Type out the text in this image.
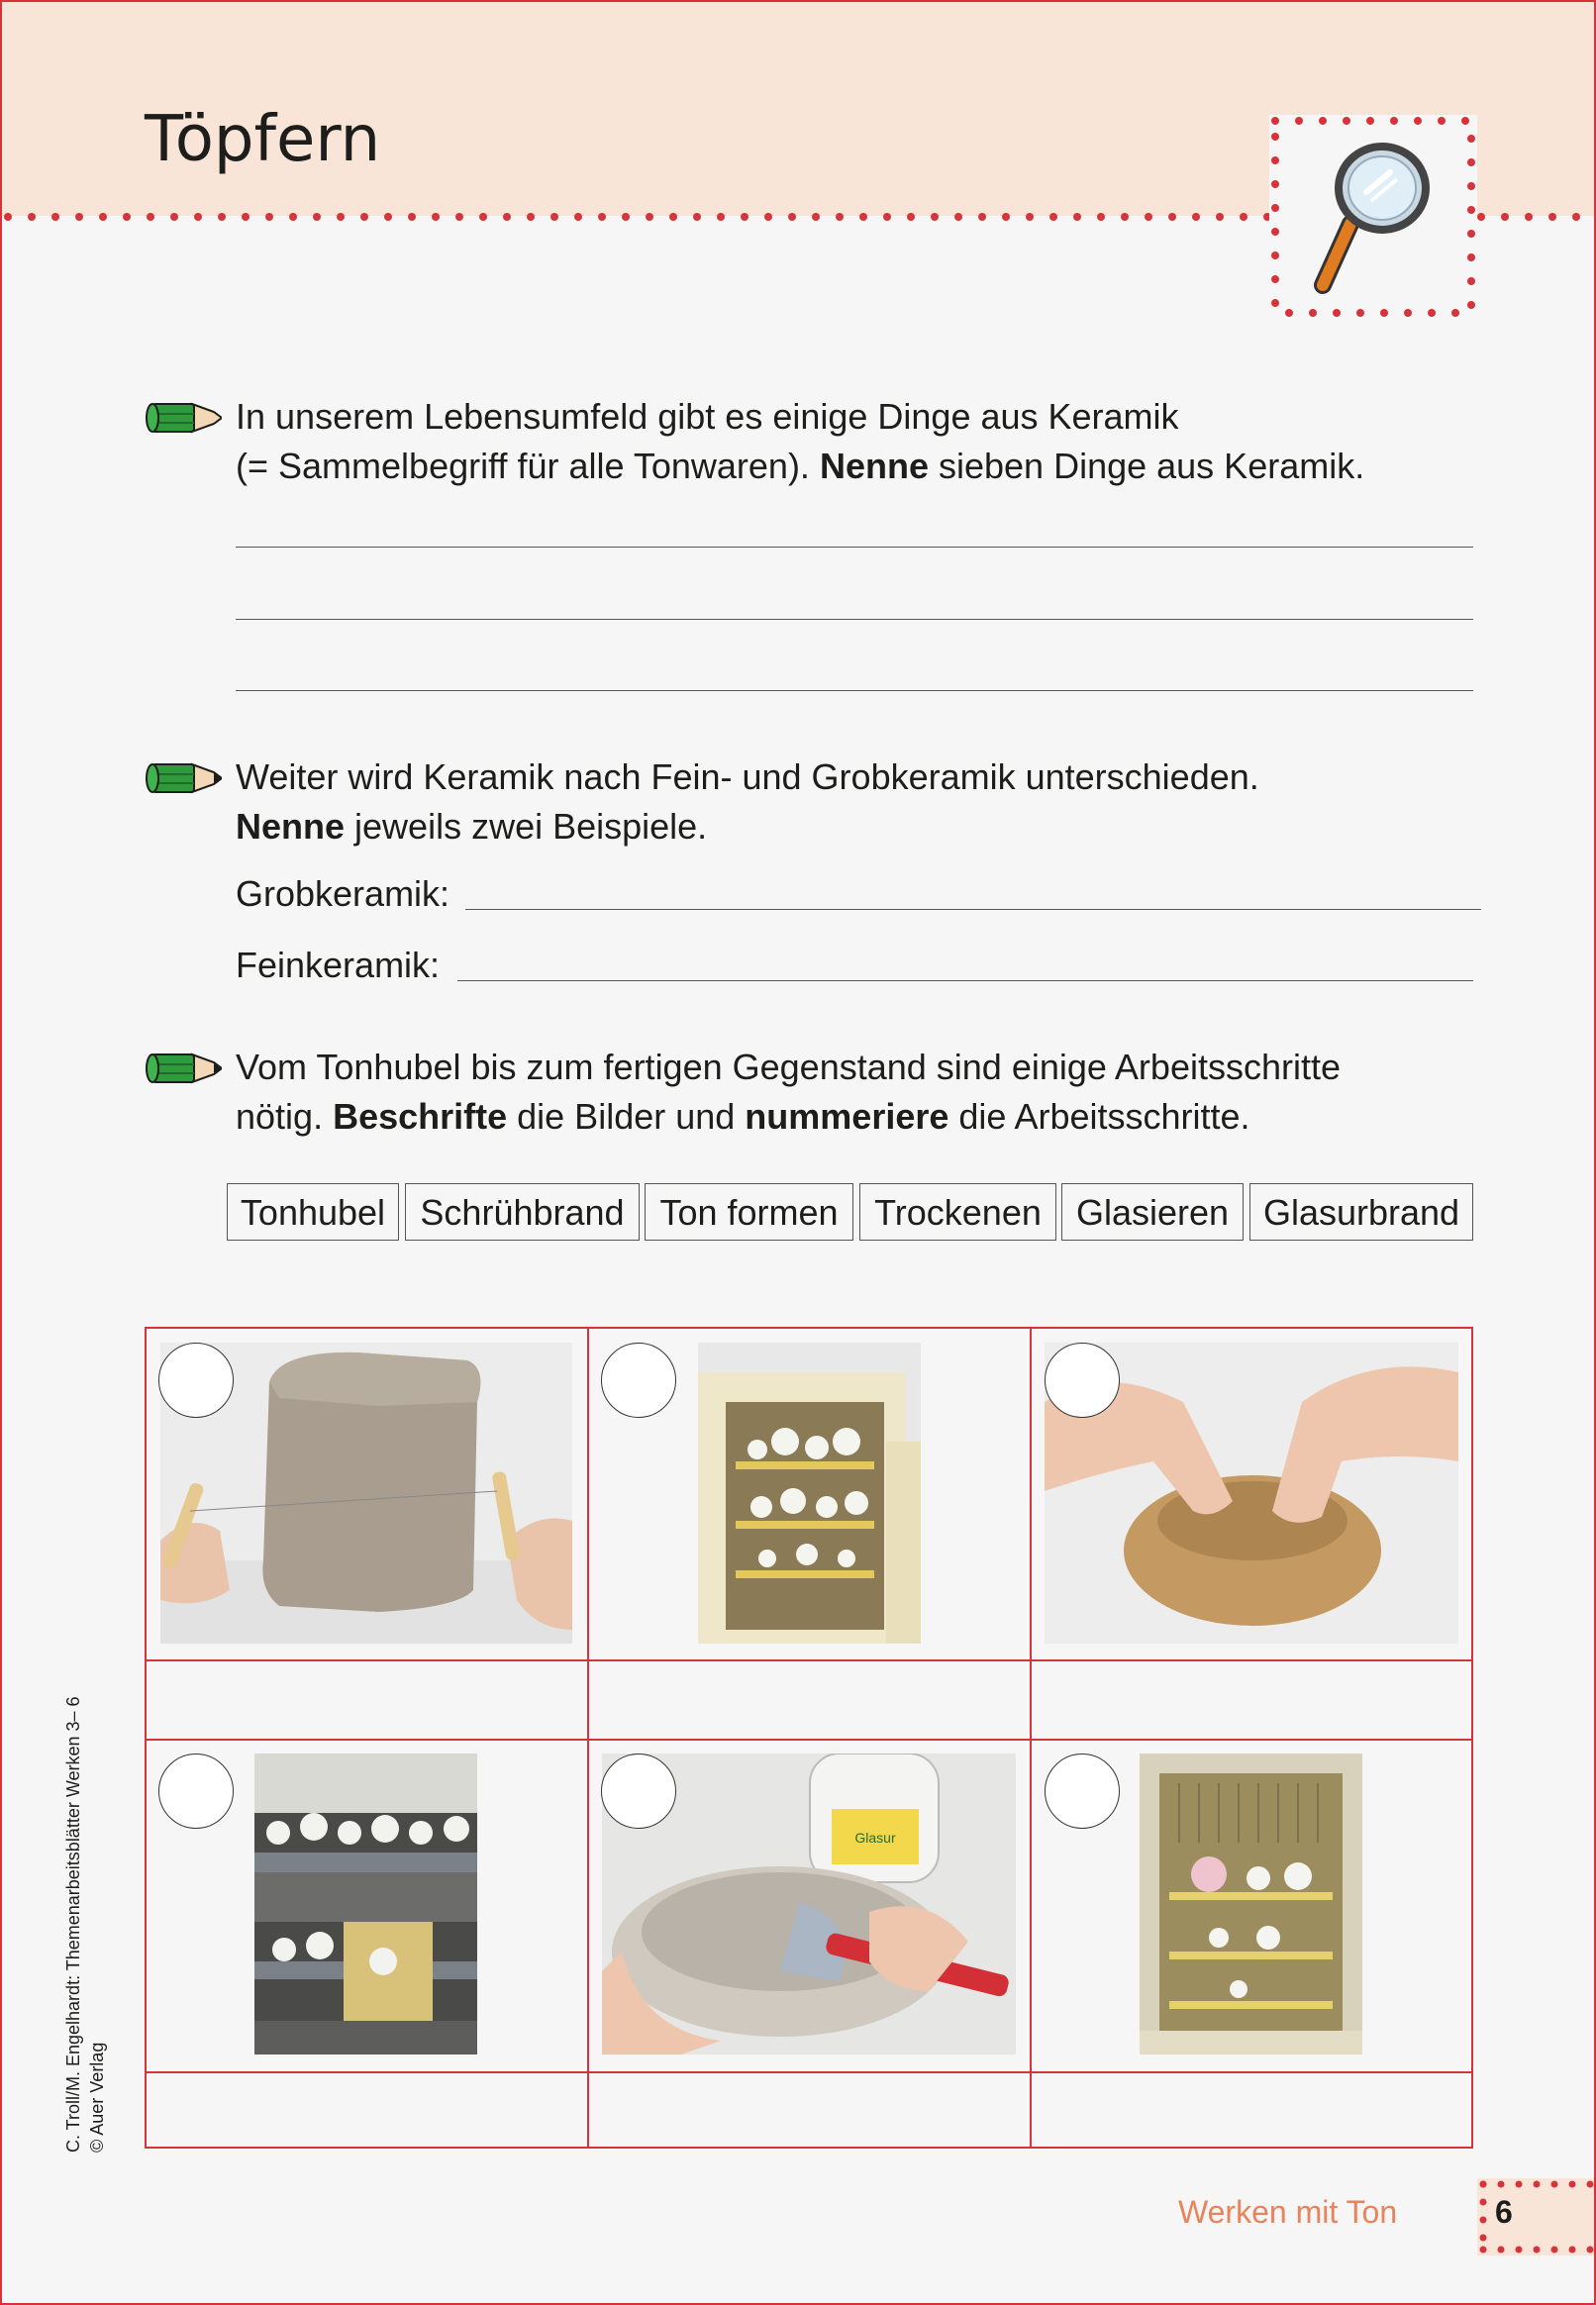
Töpfern
In unserem Lebensumfeld gibt es einige Dinge aus Keramik
(= Sammelbegriff für alle Tonwaren). Nenne sieben Dinge aus Keramik.
Weiter wird Keramik nach Fein- und Grobkeramik unterschieden.
Nenne jeweils zwei Beispiele.
Grobkeramik:
Feinkeramik:
Vom Tonhubel bis zum fertigen Gegenstand sind einige Arbeitsschritte
nötig. Beschrifte die Bilder und nummeriere die Arbeitsschritte.
Tonhubel Schrühbrand Ton formen	Trockenen Glasieren Glasurbrand
Glasur
C. Troll/M. Engelhardt: Themenarbeitsblätter Werken 3– 6 © Auer Verlag
Werken mit Ton	6
